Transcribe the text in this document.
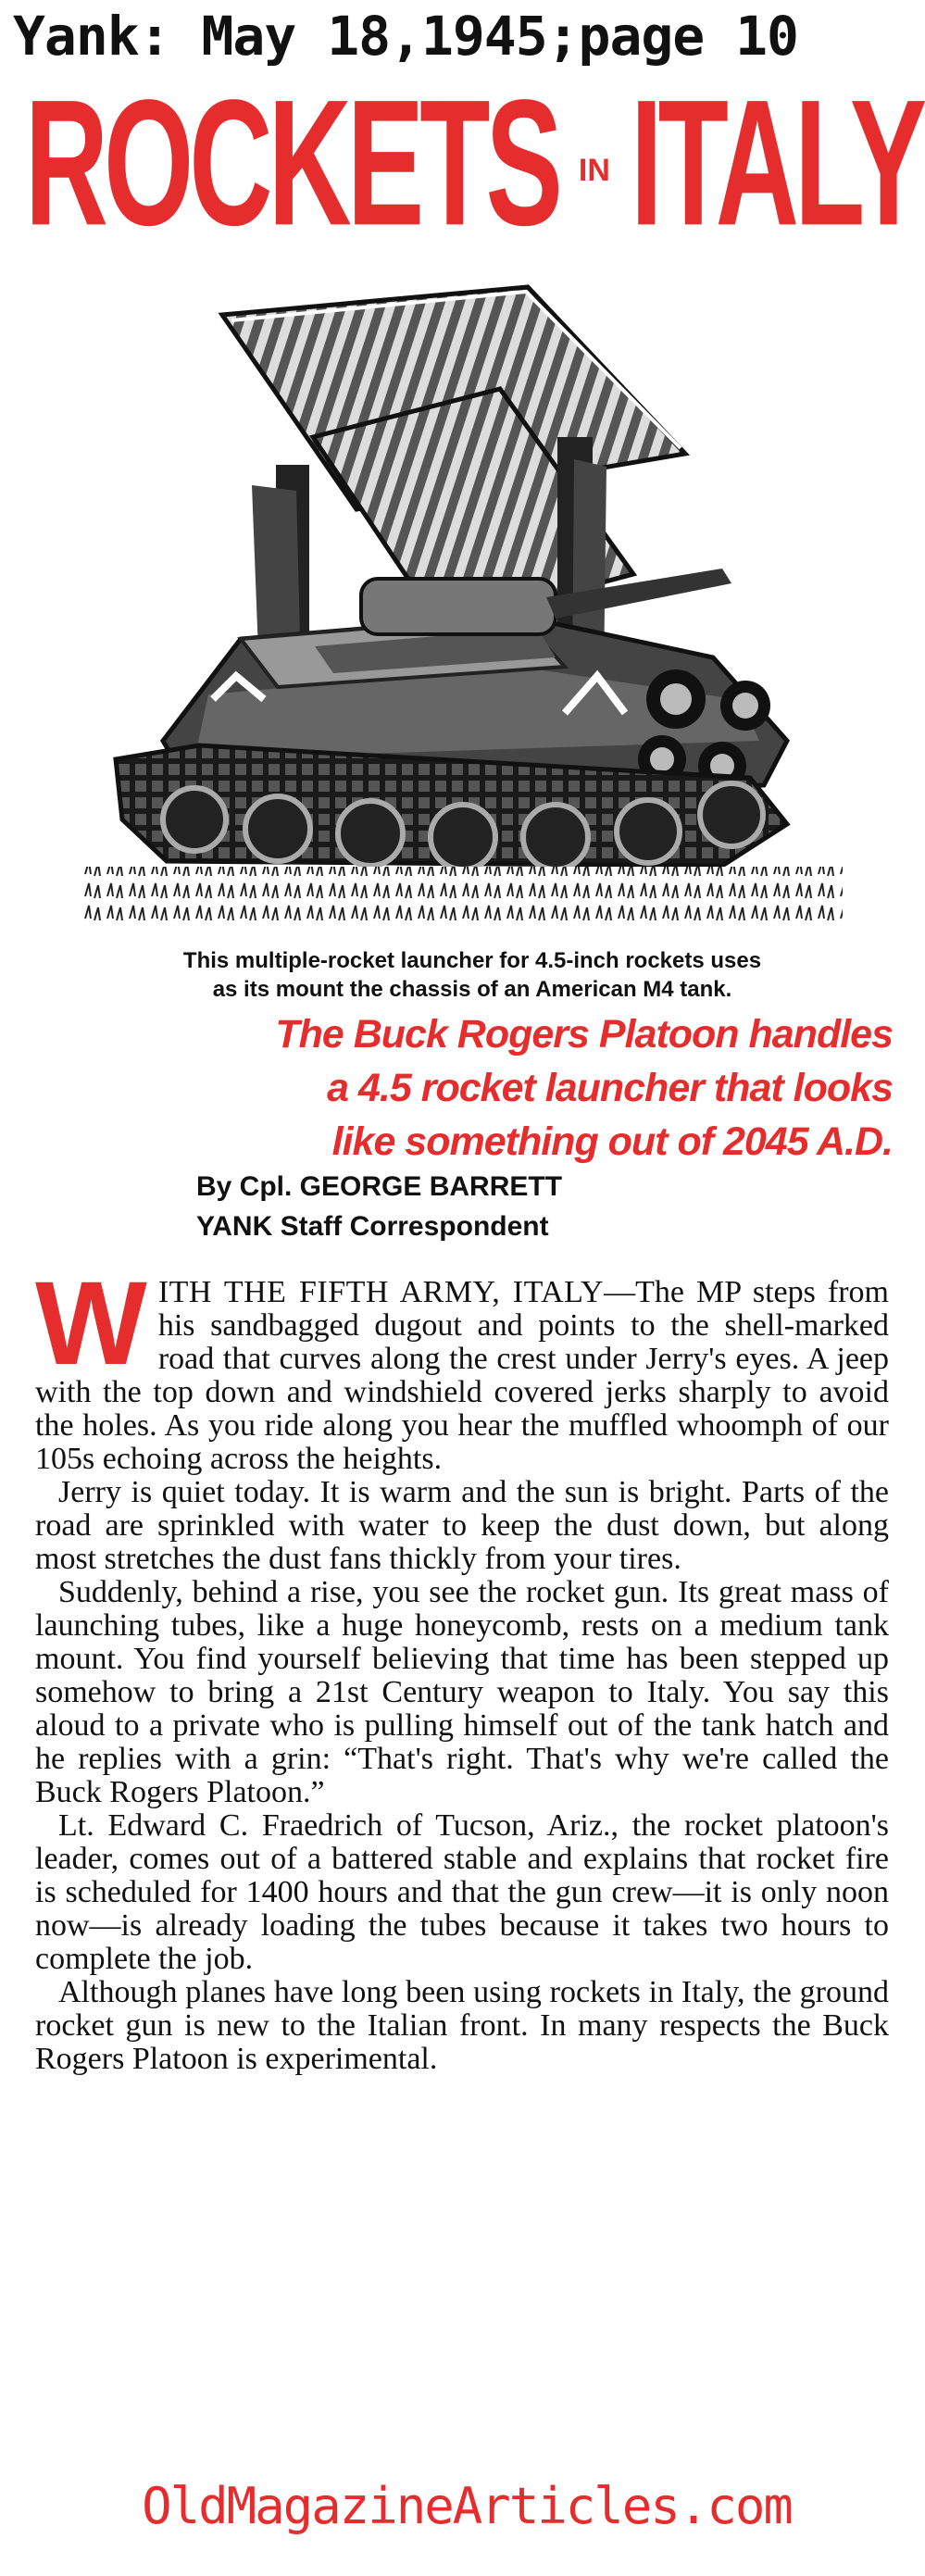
Yank: May 18,1945;page 10
ROCKETS IN ITALY
This multiple-rocket launcher for 4.5-inch rockets uses
as its mount the chassis of an American M4 tank.
The Buck Rogers Platoon handles
a 4.5 rocket launcher that looks
like something out of 2045 A.D.
By Cpl. GEORGE BARRETT
YANK Staff Correspondent

WITH THE FIFTH ARMY, ITALY—The MP steps from his sandbagged dugout and points to the shell-marked road that curves along the crest under Jerry's eyes. A jeep with the top down and windshield covered jerks sharply to avoid the holes. As you ride along you hear the muffled whoomph of our 105s echoing across the heights.

Jerry is quiet today. It is warm and the sun is bright. Parts of the road are sprinkled with water to keep the dust down, but along most stretches the dust fans thickly from your tires.

Suddenly, behind a rise, you see the rocket gun. Its great mass of launching tubes, like a huge honeycomb, rests on a medium tank mount. You find yourself believing that time has been stepped up somehow to bring a 21st Century weapon to Italy. You say this aloud to a private who is pulling himself out of the tank hatch and he replies with a grin: “That's right. That's why we're called the Buck Rogers Platoon.”

Lt. Edward C. Fraedrich of Tucson, Ariz., the rocket platoon's leader, comes out of a battered stable and explains that rocket fire is scheduled for 1400 hours and that the gun crew—it is only noon now—is already loading the tubes because it takes two hours to complete the job.

Although planes have long been using rockets in Italy, the ground rocket gun is new to the Italian front. In many respects the Buck Rogers Platoon is experimental.

OldMagazineArticles.com
